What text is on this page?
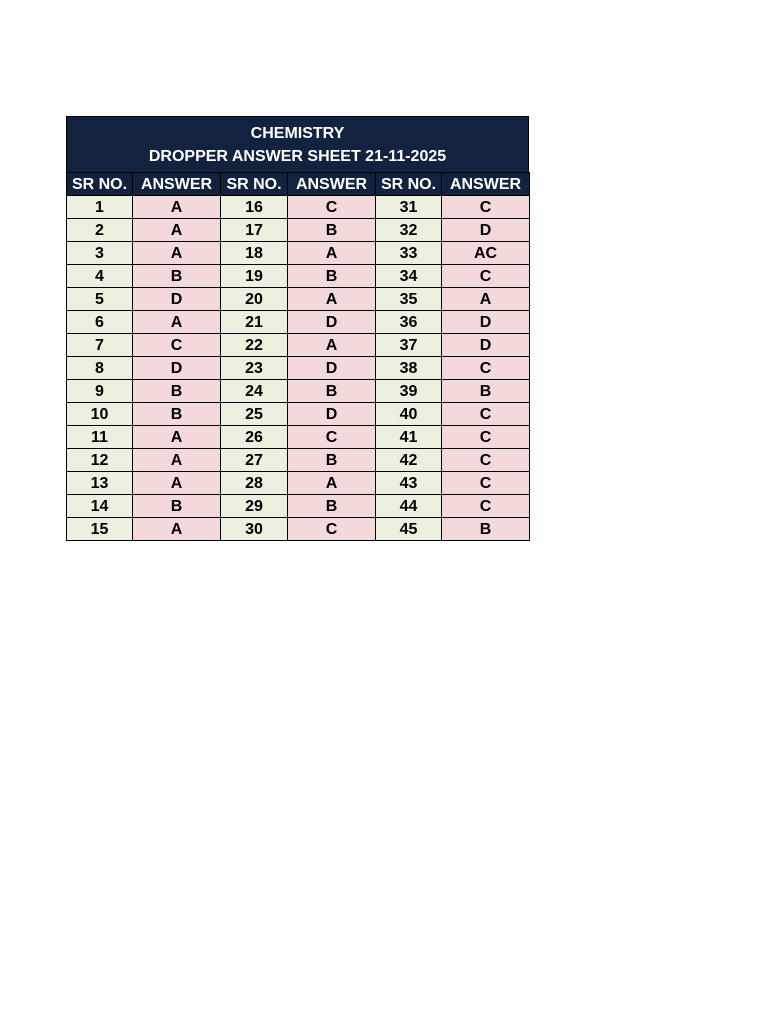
CHEMISTRY
DROPPER ANSWER SHEET 21-11-2025
SR NO.	ANSWER	SR NO.	ANSWER	SR NO.	ANSWER
1	A	16	C	31	C
2	A	17	B	32	D
3	A	18	A	33	AC
4	B	19	B	34	C
5	D	20	A	35	A
6	A	21	D	36	D
7	C	22	A	37	D
8	D	23	D	38	C
9	B	24	B	39	B
10	B	25	D	40	C
11	A	26	C	41	C
12	A	27	B	42	C
13	A	28	A	43	C
14	B	29	B	44	C
15	A	30	C	45	B
